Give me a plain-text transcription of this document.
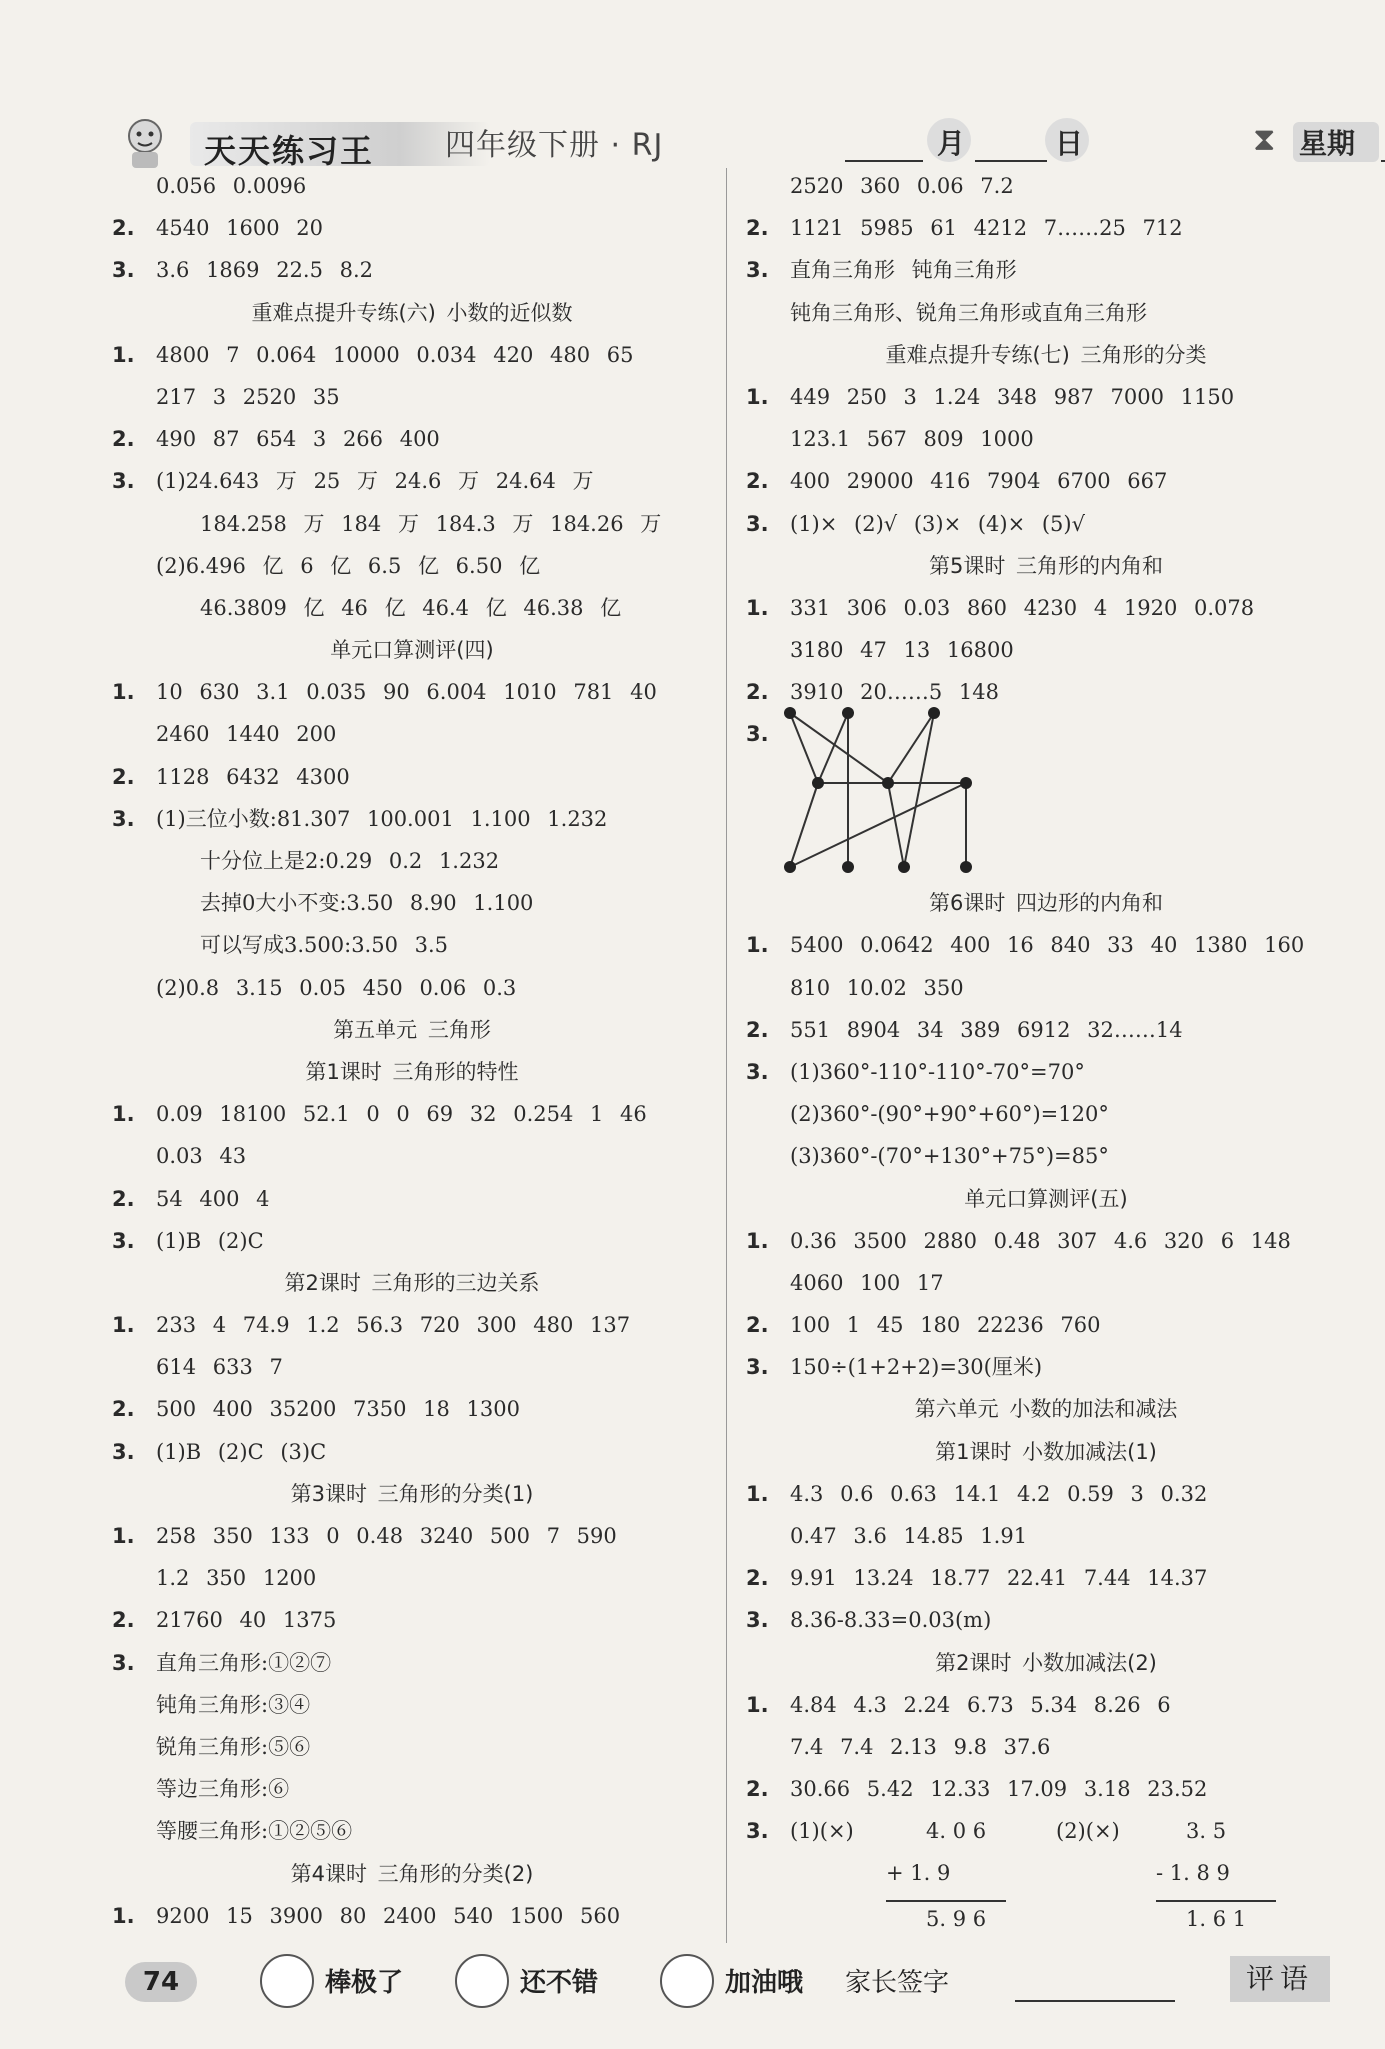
天天练习王 四年级下册 · RJ	月	日	⧗ 星期
0.056 0.0096
2. 4540 1600 20
3. 3.6 1869 22.5 8.2
重难点提升专练(六) 小数的近似数
1. 4800 7 0.064 10000 0.034 420 480 65
217 3 2520 35
2. 490 87 654 3 266 400
3. (1)24.643 万 25 万 24.6 万 24.64 万
184.258 万 184 万 184.3 万 184.26 万
(2)6.496 亿 6 亿 6.5 亿 6.50 亿
46.3809 亿 46 亿 46.4 亿 46.38 亿
单元口算测评(四)
1. 10 630 3.1 0.035 90 6.004 1010 781 40
2460 1440 200
2. 1128 6432 4300
3. (1)三位小数:81.307 100.001 1.100 1.232
十分位上是2:0.29 0.2 1.232
去掉0大小不变:3.50 8.90 1.100
可以写成3.500:3.50 3.5
(2)0.8 3.15 0.05 450 0.06 0.3
第五单元 三角形
第1课时 三角形的特性
1. 0.09 18100 52.1 0 0 69 32 0.254 1 46
0.03 43
2. 54 400 4
3. (1)B (2)C
第2课时 三角形的三边关系
1. 233 4 74.9 1.2 56.3 720 300 480 137
614 633 7
2. 500 400 35200 7350 18 1300
3. (1)B (2)C (3)C
第3课时 三角形的分类(1)
1. 258 350 133 0 0.48 3240 500 7 590
1.2 350 1200
2. 21760 40 1375
3. 直角三角形:①②⑦
钝角三角形:③④
锐角三角形:⑤⑥
等边三角形:⑥
等腰三角形:①②⑤⑥
第4课时 三角形的分类(2)
1. 9200 15 3900 80 2400 540 1500 560
2520 360 0.06 7.2
2. 1121 5985 61 4212 7……25 712
3. 直角三角形 钝角三角形
钝角三角形、锐角三角形或直角三角形
重难点提升专练(七) 三角形的分类
1. 449 250 3 1.24 348 987 7000 1150
123.1 567 809 1000
2. 400 29000 416 7904 6700 667
3. (1)× (2)√ (3)× (4)× (5)√
第5课时 三角形的内角和
1. 331 306 0.03 860 4230 4 1920 0.078
3180 47 13 16800
2. 3910 20……5 148
3.
第6课时 四边形的内角和
1. 5400 0.0642 400 16 840 33 40 1380 160
810 10.02 350
2. 551 8904 34 389 6912 32……14
3. (1)360°-110°-110°-70°=70°
(2)360°-(90°+90°+60°)=120°
(3)360°-(70°+130°+75°)=85°
单元口算测评(五)
1. 0.36 3500 2880 0.48 307 4.6 320 6 148
4060 100 17
2. 100 1 45 180 22236 760
3. 150÷(1+2+2)=30(厘米)
第六单元 小数的加法和减法
第1课时 小数加减法(1)
1. 4.3 0.6 0.63 14.1 4.2 0.59 3 0.32
0.47 3.6 14.85 1.91
2. 9.91 13.24 18.77 22.41 7.44 14.37
3. 8.36-8.33=0.03(m)
第2课时 小数加减法(2)
1. 4.84 4.3 2.24 6.73 5.34 8.26 6
7.4 7.4 2.13 9.8 37.6
2. 30.66 5.42 12.33 17.09 3.18 23.52
3. (1)(×)	4. 0 6
+ 1. 9
5. 9 6
(2)(×)	3. 5
- 1. 8 9
1. 6 1
74	棒极了	还不错	加油哦 家长签字	评语
